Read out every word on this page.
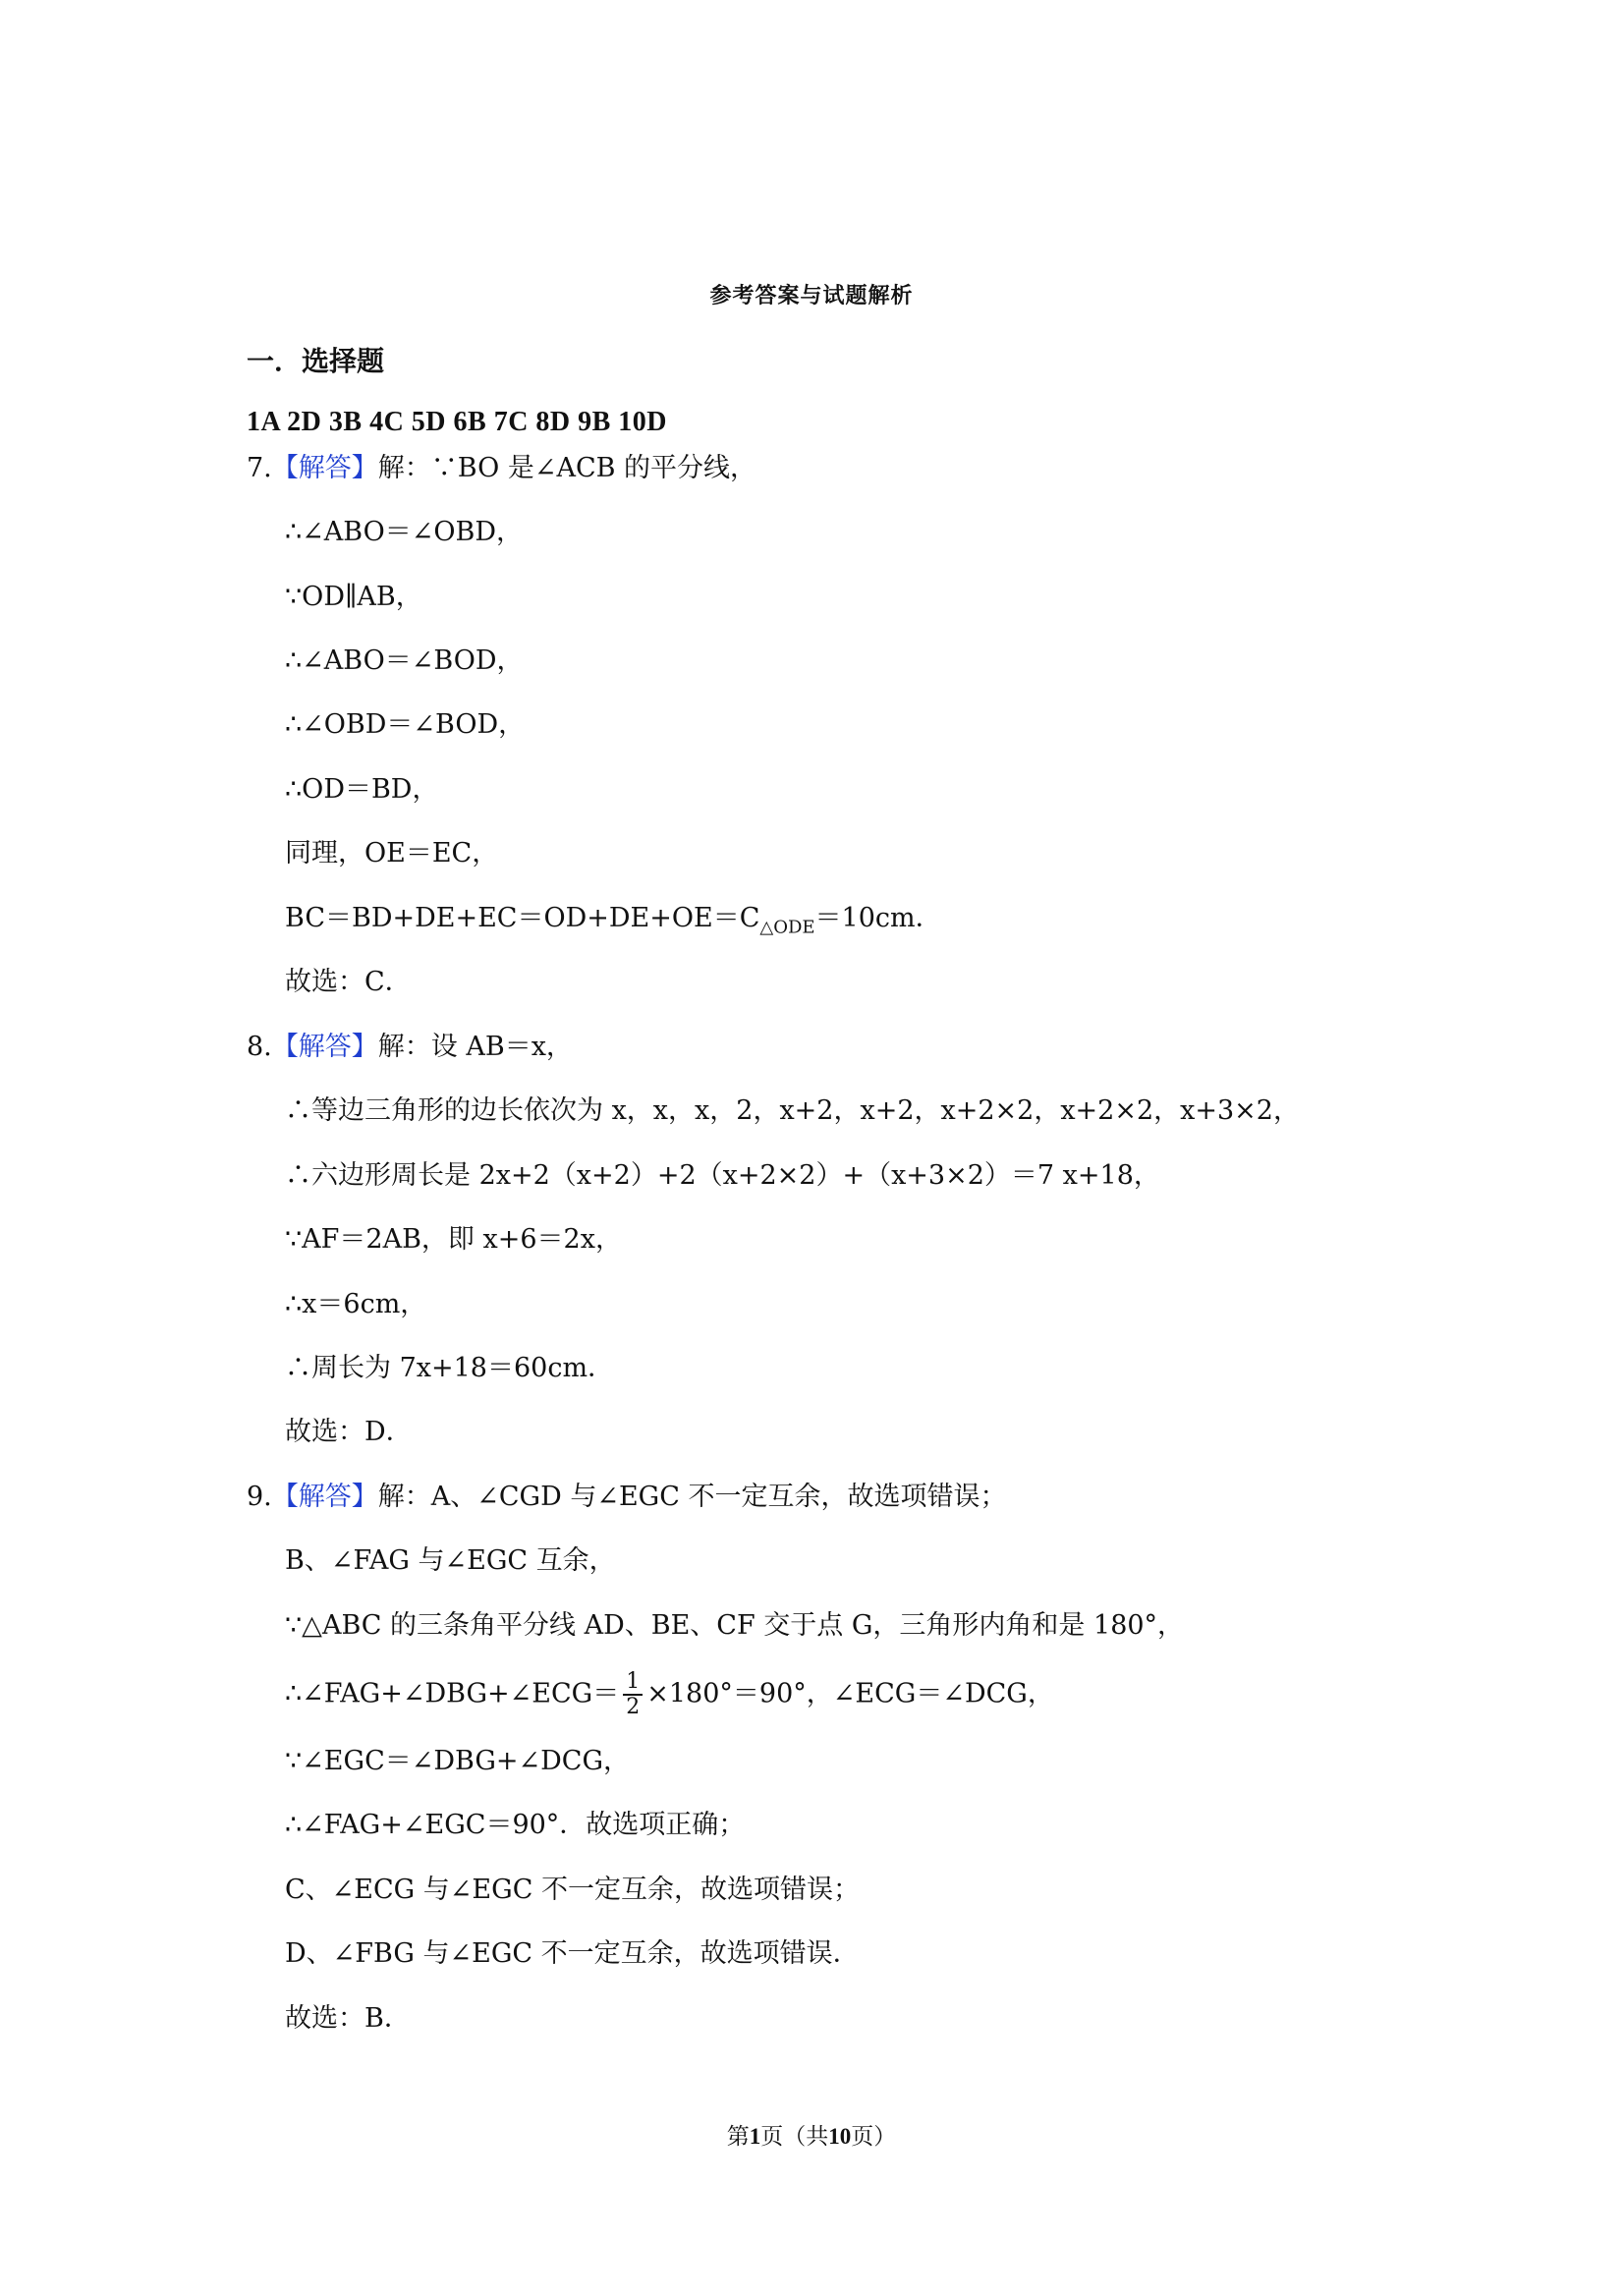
参考答案与试题解析
一．选择题
1A 2D 3B 4C 5D 6B 7C 8D 9B 10D
7.【解答】解：∵BO 是∠ACB 的平分线，
∴∠ABO＝∠OBD，
∵OD∥AB，
∴∠ABO＝∠BOD，
∴∠OBD＝∠BOD，
∴OD＝BD，
同理，OE＝EC，
$BC=BD+DE+EC=OD+DE+OE=C_{\triangle ODE}=10cm$．
故选：C．
8.【解答】解：设 AB＝x，
∴等边三角形的边长依次为 x，x，x，2，x+2，x+2，x+2×2，x+2×2，x+3×2，
∴六边形周长是 2x+2（x+2）+2（x+2×2）+（x+3×2）＝7 x+18，
∵AF＝2AB，即 x+6＝2x，
∴x＝6cm，
∴周长为 7x+18＝60cm．
故选：D．
9.【解答】解：A、∠CGD 与∠EGC 不一定互余，故选项错误；
B、∠FAG 与∠EGC 互余，
∵△ABC 的三条角平分线 AD、BE、CF 交于点 G，三角形内角和是 180°，
∴∠FAG+∠DBG+∠ECG＝ $\frac{1}{2} \times 180^\circ=90^\circ$，∠ECG＝∠DCG，
∵∠EGC＝∠DBG+∠DCG，
∴∠FAG+∠EGC＝90°．故选项正确；
C、∠ECG 与∠EGC 不一定互余，故选项错误；
D、∠FBG 与∠EGC 不一定互余，故选项错误．
故选：B．
第1页（共10页）
